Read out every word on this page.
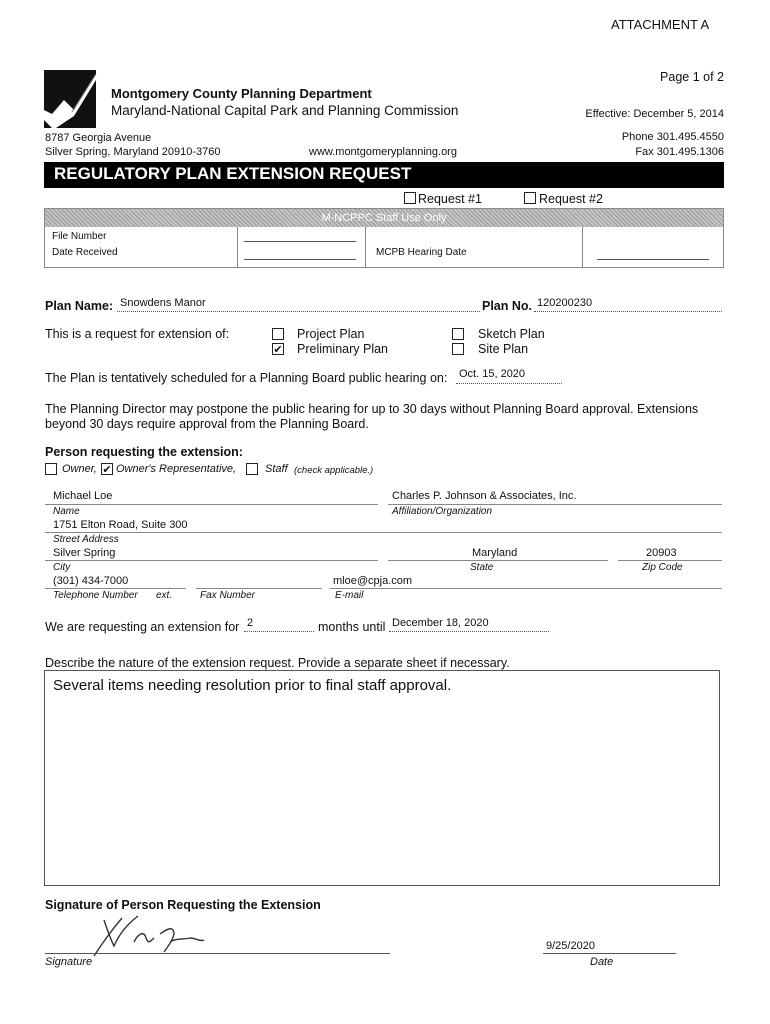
ATTACHMENT A
Page 1 of 2
Montgomery County Planning Department
Maryland-National Capital Park and Planning Commission	Effective: December 5, 2014
8787 Georgia Avenue
Silver Spring, Maryland 20910-3760	www.montgomeryplanning.org
Phone 301.495.4550
Fax 301.495.1306
REGULATORY PLAN EXTENSION REQUEST
Request #1	Request #2
M-NCPPC Staff Use Only
File Number
Date Received	MCPB Hearing Date
Plan Name: Snowdens Manor	Plan No. 120200230
This is a request for extension of:	Project Plan
✔ Preliminary Plan
Sketch Plan
Site Plan
The Plan is tentatively scheduled for a Planning Board public hearing on: Oct. 15, 2020
The Planning Director may postpone the public hearing for up to 30 days without Planning Board approval. Extensions
beyond 30 days require approval from the Planning Board.
Person requesting the extension:
Owner, ✔ Owner's Representative,	Staff (check applicable.)
Michael Loe
Name
Charles P. Johnson & Associates, Inc.
Affiliation/Organization
1751 Elton Road, Suite 300
Street Address
Silver Spring
City
Maryland
State
20903
Zip Code
(301) 434-7000
Telephone Number ext.	Fax Number
mloe@cpja.com
E-mail
We are requesting an extension for 2	months until December 18, 2020
Describe the nature of the extension request. Provide a separate sheet if necessary.
Several items needing resolution prior to final staff approval.
Signature of Person Requesting the Extension
Signature
9/25/2020
Date
